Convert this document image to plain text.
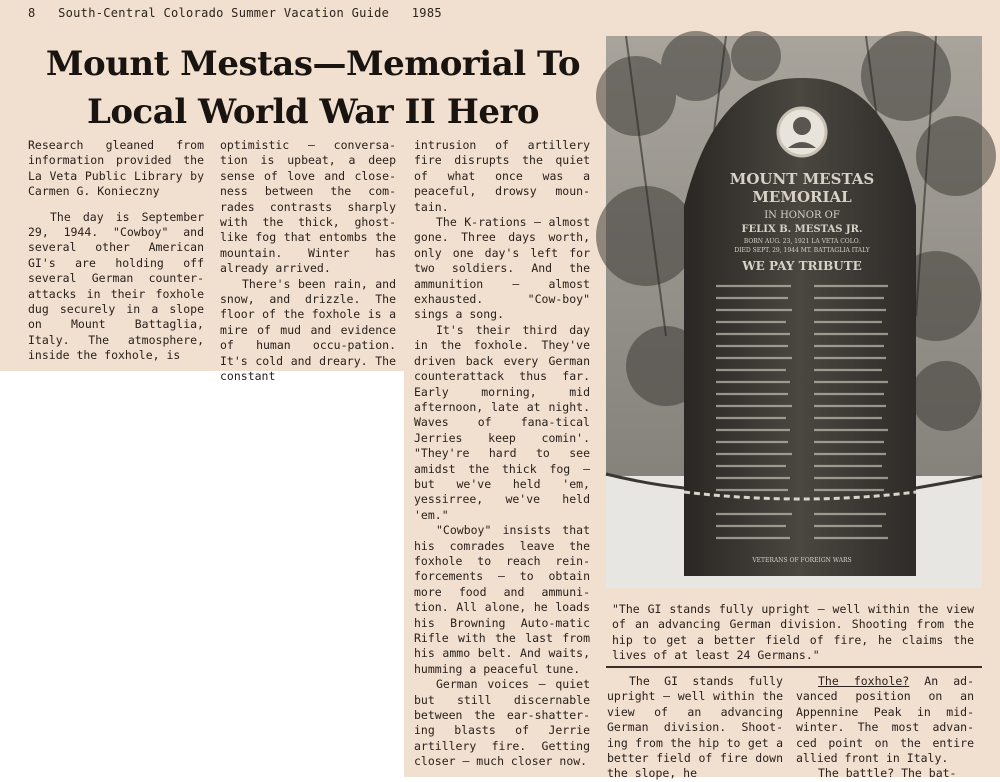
8 South-Central Colorado Summer Vacation Guide 1985
Mount Mestas—Memorial To
Local World War II Hero

Research gleaned from information provided the La Veta Public Library by Carmen G. Konieczny

The day is September 29, 1944. "Cowboy" and several other American GI's are holding off several German counter-attacks in their foxhole dug securely in a slope on Mount Battaglia, Italy. The atmosphere, inside the foxhole, is

optimistic – conversa-tion is upbeat, a deep sense of love and close-ness between the com-rades contrasts sharply with the thick, ghost-like fog that entombs the mountain. Winter has already arrived.

There's been rain, and snow, and drizzle. The floor of the foxhole is a mire of mud and evidence of human occu-pation. It's cold and dreary. The constant

intrusion of artillery fire disrupts the quiet of what once was a peaceful, drowsy moun-tain.

The K-rations – almost gone. Three days worth, only one day's left for two soldiers. And the ammunition – almost exhausted. "Cow-boy" sings a song.

It's their third day in the foxhole. They've driven back every German counterattack thus far. Early morning, mid afternoon, late at night. Waves of fana-tical Jerries keep comin'. "They're hard to see amidst the thick fog – but we've held 'em, yessirree, we've held 'em."

"Cowboy" insists that his comrades leave the foxhole to reach rein-forcements – to obtain more food and ammuni-tion. All alone, he loads his Browning Auto-matic Rifle with the last from his ammo belt. And waits, humming a peaceful tune.

German voices – quiet but still discernable between the ear-shatter-ing blasts of Jerrie artillery fire. Getting closer – much closer now.

MOUNT MESTAS
MEMORIAL
IN HONOR OF
FELIX B. MESTAS JR.
BORN AUG. 23, 1921 LA VETA COLO.
DIED SEPT. 29, 1944 MT. BATTAGLIA ITALY
WE PAY TRIBUTE
VETERANS OF FOREIGN WARS
"The GI stands fully upright – well within the view of an advancing German division. Shooting from the hip to get a better field of fire, he claims the lives of at least 24 Germans."

The GI stands fully upright – well within the view of an advancing German division. Shoot-ing from the hip to get a better field of fire down the slope, he

The foxhole? An ad-vanced position on an Appennine Peak in mid-winter. The most advan-ced point on the entire allied front in Italy.

The battle? The bat-
